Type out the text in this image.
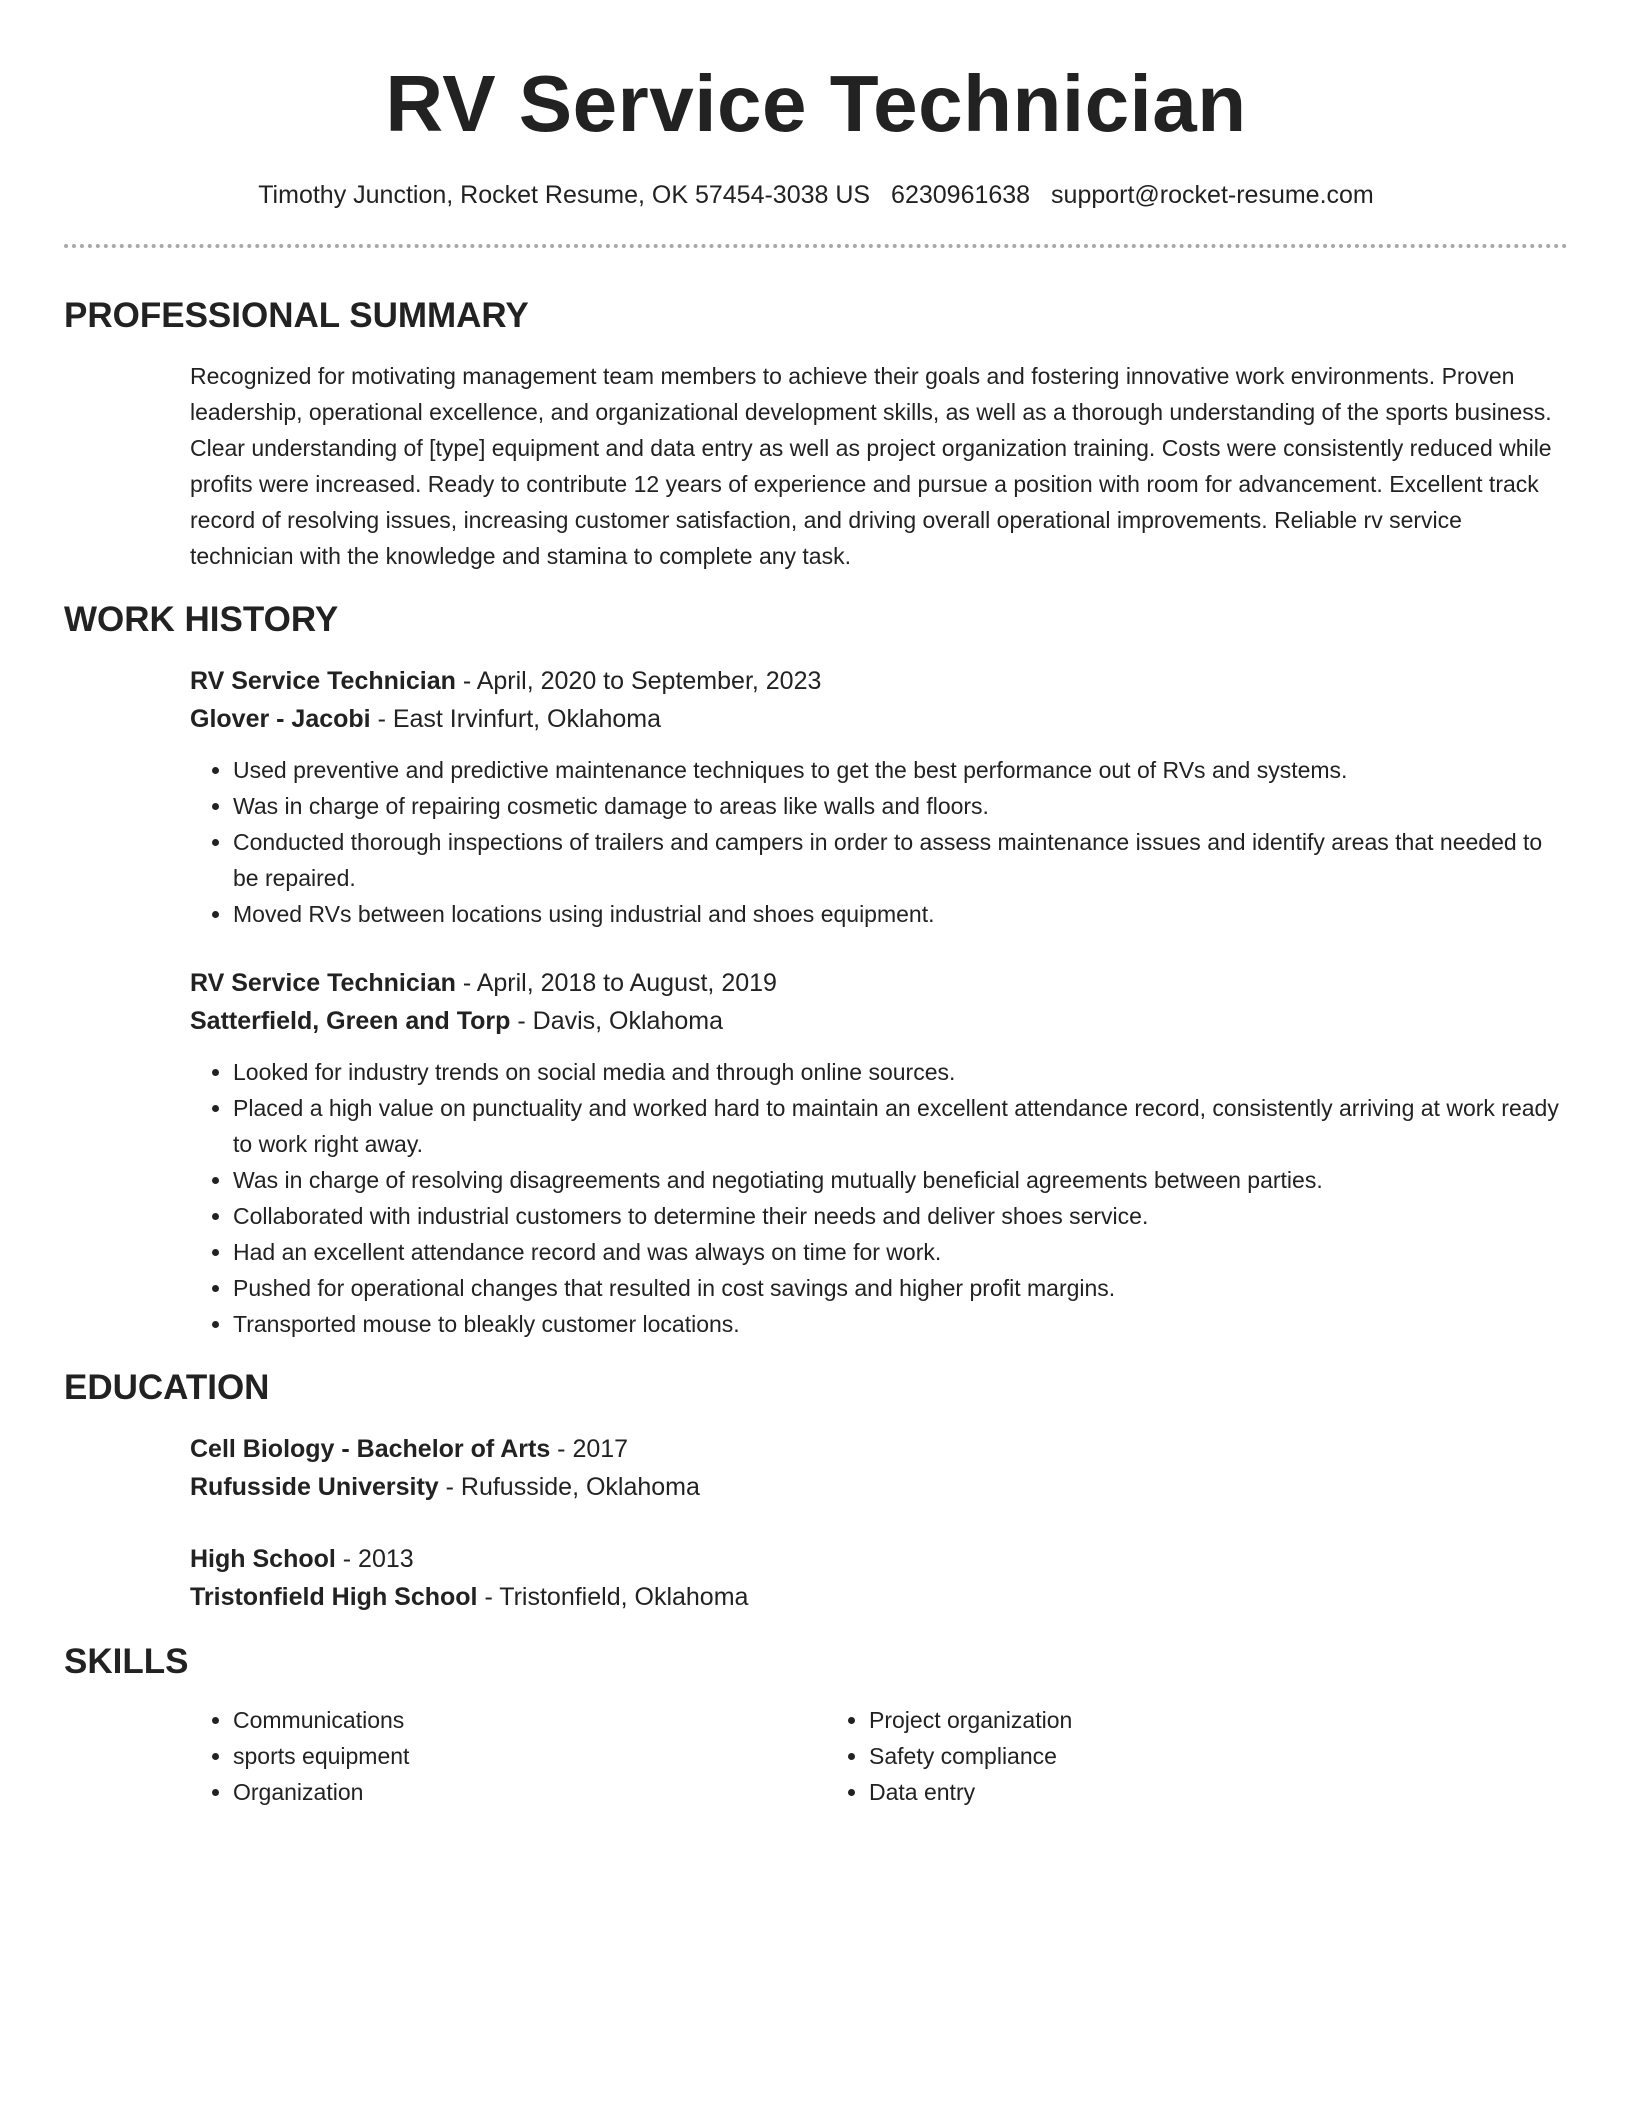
RV Service Technician
Timothy Junction, Rocket Resume, OK 57454-3038 US 6230961638 support@rocket-resume.com
PROFESSIONAL SUMMARY

Recognized for motivating management team members to achieve their goals and fostering innovative work environments. Proven leadership, operational excellence, and organizational development skills, as well as a thorough understanding of the sports business. Clear understanding of [type] equipment and data entry as well as project organization training. Costs were consistently reduced while profits were increased. Ready to contribute 12 years of experience and pursue a position with room for advancement. Excellent track record of resolving issues, increasing customer satisfaction, and driving overall operational improvements. Reliable rv service technician with the knowledge and stamina to complete any task.

WORK HISTORY
RV Service Technician - April, 2020 to September, 2023
Glover - Jacobi - East Irvinfurt, Oklahoma
• Used preventive and predictive maintenance techniques to get the best performance out of RVs and systems.
• Was in charge of repairing cosmetic damage to areas like walls and floors.
• Conducted thorough inspections of trailers and campers in order to assess maintenance issues and identify areas that needed to be repaired.
• Moved RVs between locations using industrial and shoes equipment.
RV Service Technician - April, 2018 to August, 2019
Satterfield, Green and Torp - Davis, Oklahoma
• Looked for industry trends on social media and through online sources.
• Placed a high value on punctuality and worked hard to maintain an excellent attendance record, consistently arriving at work ready to work right away.
• Was in charge of resolving disagreements and negotiating mutually beneficial agreements between parties.
• Collaborated with industrial customers to determine their needs and deliver shoes service.
• Had an excellent attendance record and was always on time for work.
• Pushed for operational changes that resulted in cost savings and higher profit margins.
• Transported mouse to bleakly customer locations.
EDUCATION
Cell Biology - Bachelor of Arts - 2017
Rufusside University - Rufusside, Oklahoma
High School - 2013
Tristonfield High School - Tristonfield, Oklahoma
SKILLS
• Communications
• sports equipment
• Organization
• Project organization
• Safety compliance
• Data entry
